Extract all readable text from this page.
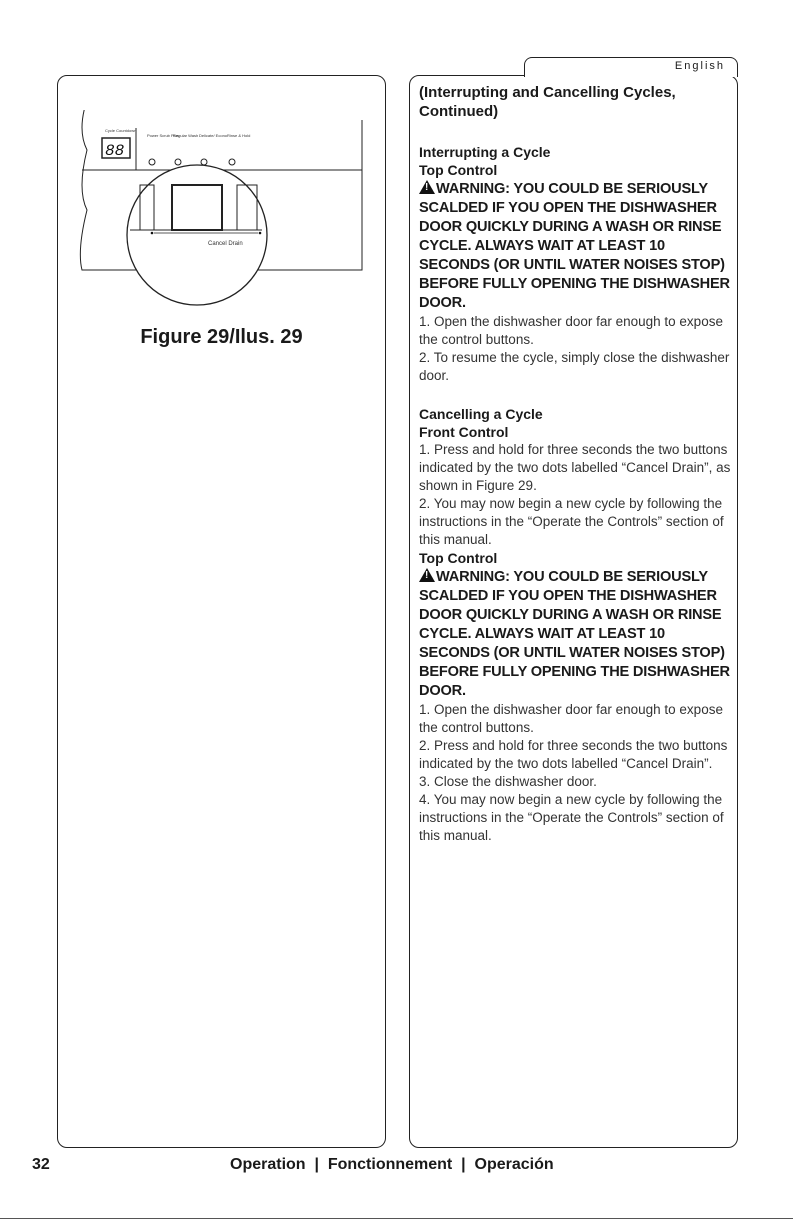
English
Cycle Countdown
88
Power Scrub Plus
Regular Wash Delicate/ Econo Rinse & Hold
Cancel Drain
Figure 29/Ilus. 29
(Interrupting and Cancelling Cycles, Continued)
Interrupting a Cycle
Top Control
!WARNING: YOU COULD BE SERIOUSLY SCALDED IF YOU OPEN THE DISHWASHER DOOR QUICKLY DURING A WASH OR RINSE CYCLE. ALWAYS WAIT AT LEAST 10 SECONDS (OR UNTIL WATER NOISES STOP) BEFORE FULLY OPENING THE DISHWASHER DOOR.

1. Open the dishwasher door far enough to expose the control buttons.

2. To resume the cycle, simply close the dishwasher door.

Cancelling a Cycle
Front Control

1. Press and hold for three seconds the two buttons indicated by the two dots labelled “Cancel Drain”, as shown in Figure 29.

2. You may now begin a new cycle by following the instructions in the “Operate the Controls” section of this manual.

Top Control
!WARNING: YOU COULD BE SERIOUSLY SCALDED IF YOU OPEN THE DISHWASHER DOOR QUICKLY DURING A WASH OR RINSE CYCLE. ALWAYS WAIT AT LEAST 10 SECONDS (OR UNTIL WATER NOISES STOP) BEFORE FULLY OPENING THE DISHWASHER DOOR.

1. Open the dishwasher door far enough to expose the control buttons.

2. Press and hold for three seconds the two buttons indicated by the two dots labelled “Cancel Drain”.

3. Close the dishwasher door.

4. You may now begin a new cycle by following the instructions in the “Operate the Controls” section of this manual.

32	Operation  |  Fonctionnement  |  Operación
